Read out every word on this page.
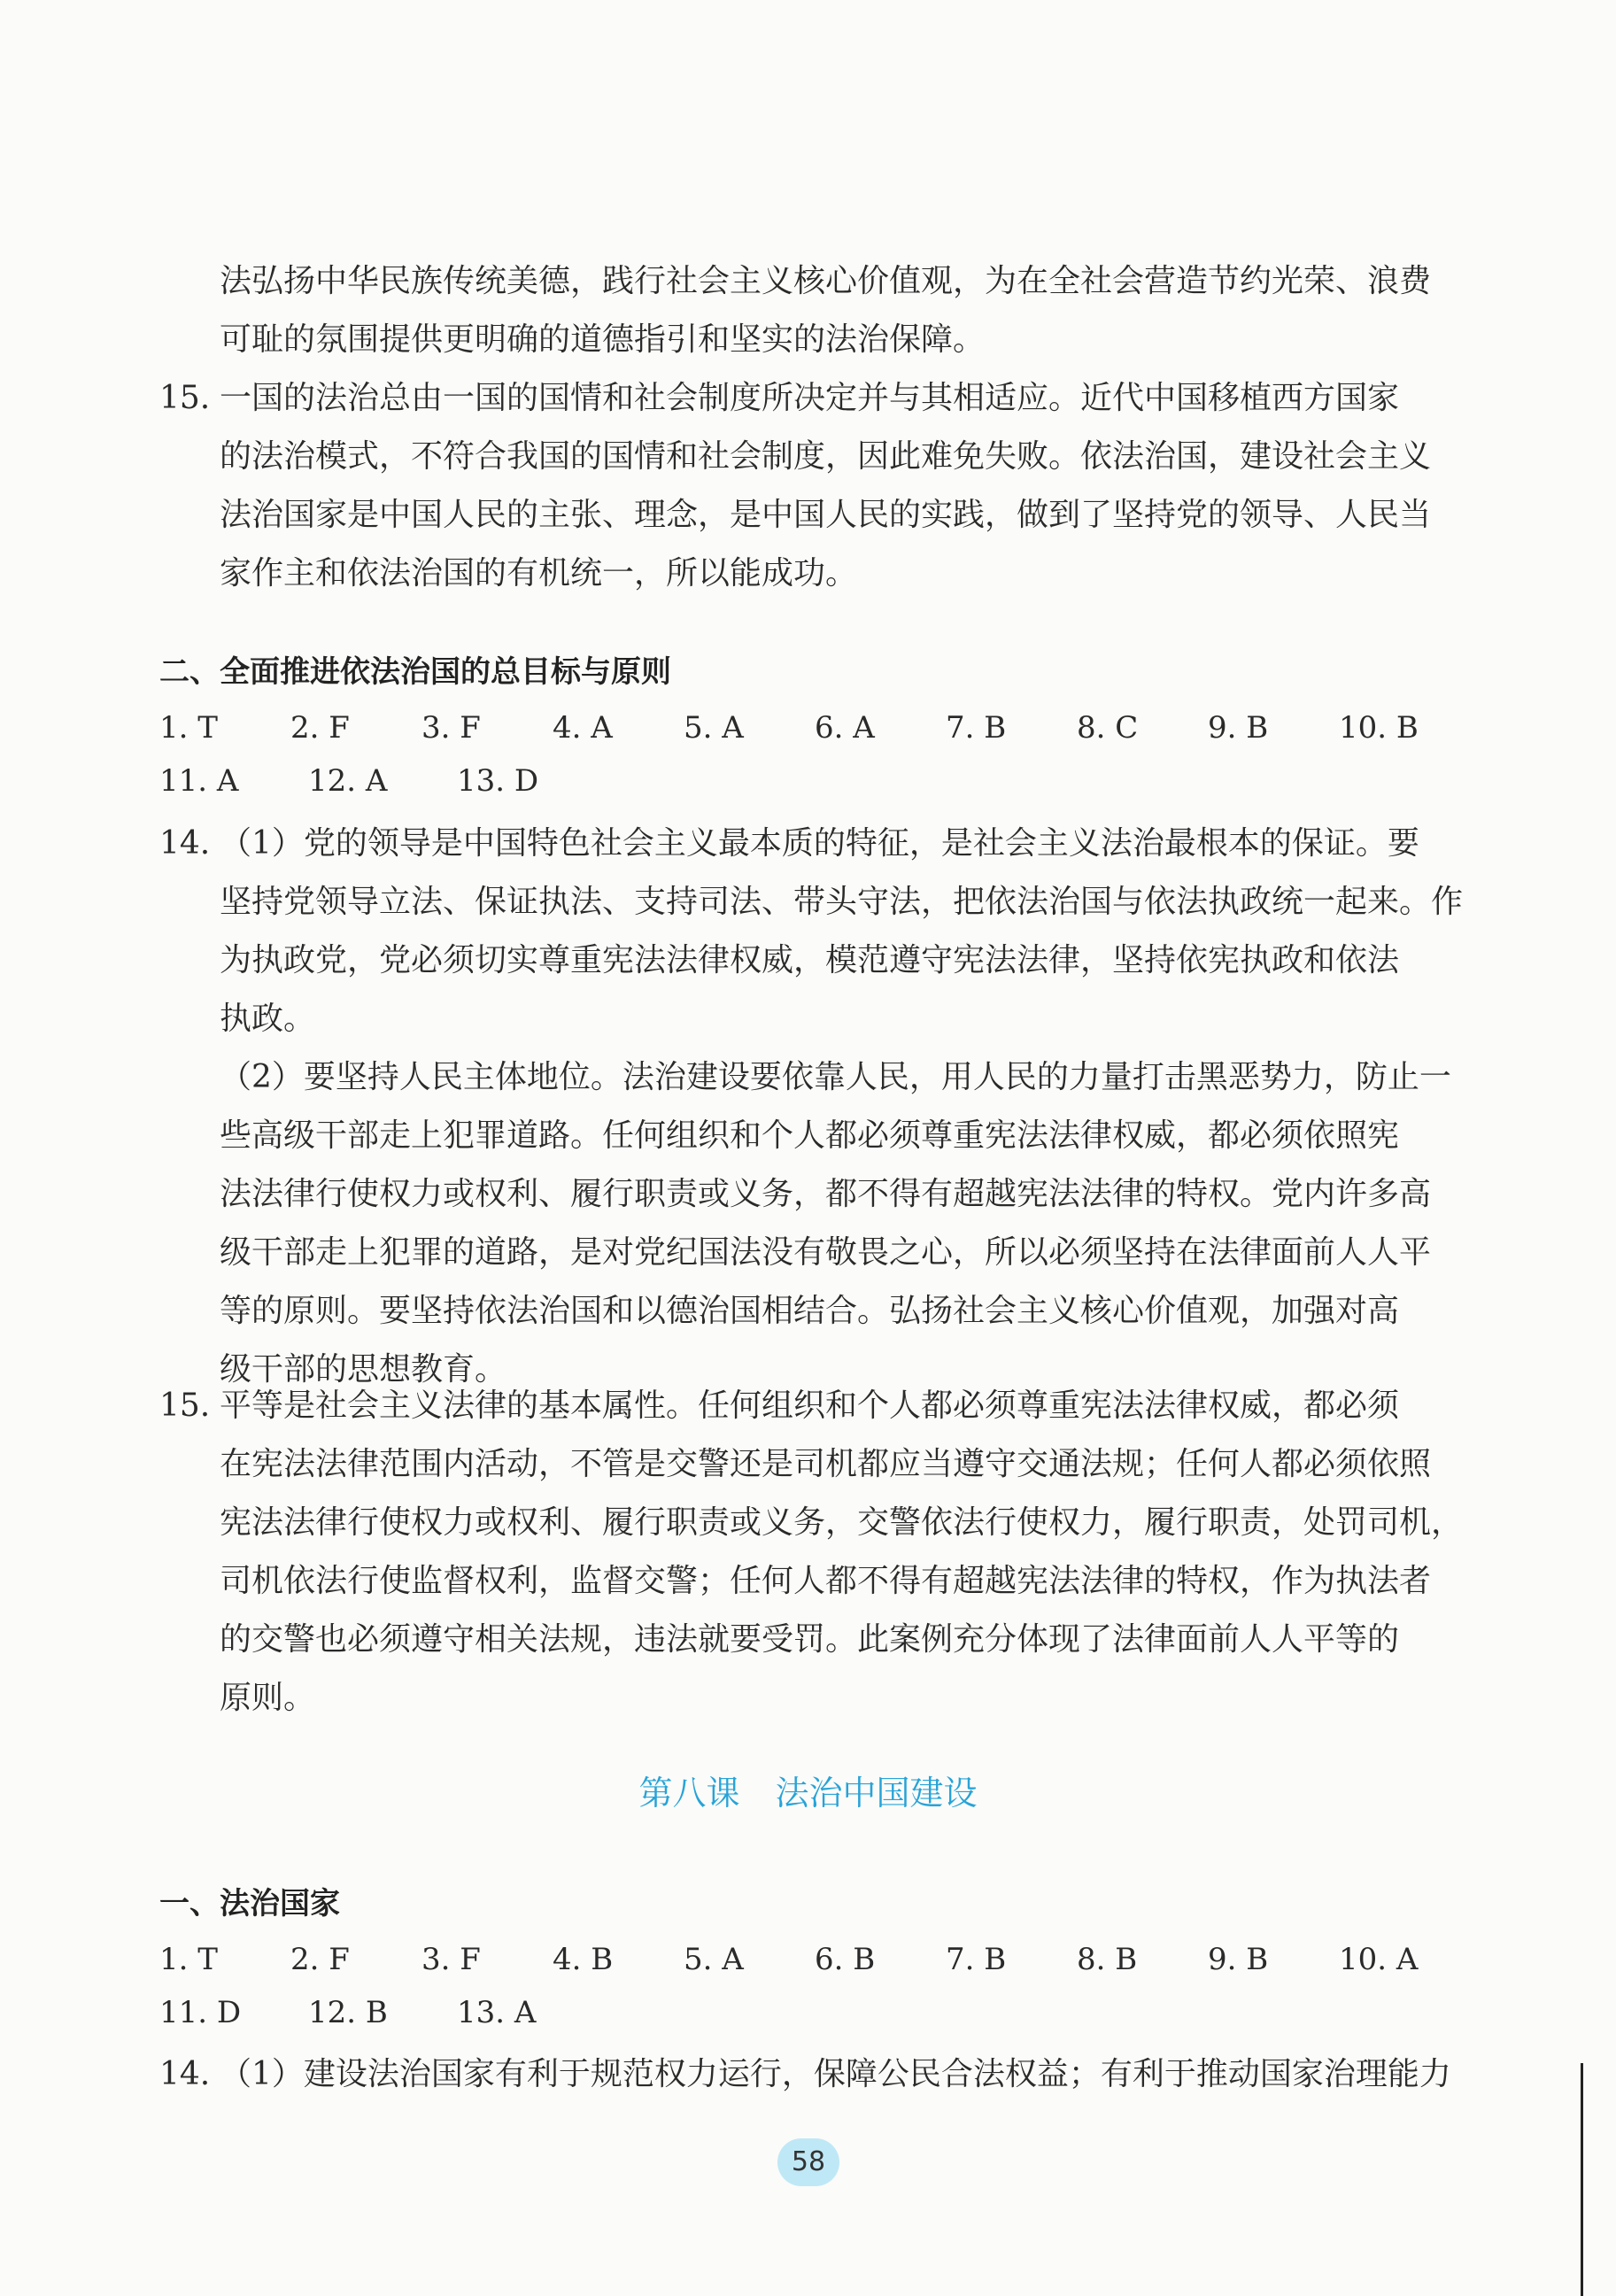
法弘扬中华民族传统美德，践行社会主义核心价值观，为在全社会营造节约光荣、浪费
可耻的氛围提供更明确的道德指引和坚实的法治保障。
15. 一国的法治总由一国的国情和社会制度所决定并与其相适应。近代中国移植西方国家
的法治模式，不符合我国的国情和社会制度，因此难免失败。依法治国，建设社会主义
法治国家是中国人民的主张、理念，是中国人民的实践，做到了坚持党的领导、人民当
家作主和依法治国的有机统一，所以能成功。
二、全面推进依法治国的总目标与原则
1. T 2. F 3. F 4. A 5. A 6. A 7. B 8. C 9. B 10. B
11. A 12. A 13. D
14. （1）党的领导是中国特色社会主义最本质的特征，是社会主义法治最根本的保证。要
坚持党领导立法、保证执法、支持司法、带头守法，把依法治国与依法执政统一起来。作
为执政党，党必须切实尊重宪法法律权威，模范遵守宪法法律，坚持依宪执政和依法
执政。
（2）要坚持人民主体地位。法治建设要依靠人民，用人民的力量打击黑恶势力，防止一
些高级干部走上犯罪道路。任何组织和个人都必须尊重宪法法律权威，都必须依照宪
法法律行使权力或权利、履行职责或义务，都不得有超越宪法法律的特权。党内许多高
级干部走上犯罪的道路，是对党纪国法没有敬畏之心，所以必须坚持在法律面前人人平
等的原则。要坚持依法治国和以德治国相结合。弘扬社会主义核心价值观，加强对高
级干部的思想教育。
15. 平等是社会主义法律的基本属性。任何组织和个人都必须尊重宪法法律权威，都必须
在宪法法律范围内活动，不管是交警还是司机都应当遵守交通法规；任何人都必须依照
宪法法律行使权力或权利、履行职责或义务，交警依法行使权力，履行职责，处罚司机，
司机依法行使监督权利，监督交警；任何人都不得有超越宪法法律的特权，作为执法者
的交警也必须遵守相关法规，违法就要受罚。此案例充分体现了法律面前人人平等的
原则。
第八课 法治中国建设
一、法治国家
1. T 2. F 3. F 4. B 5. A 6. B 7. B 8. B 9. B 10. A
11. D 12. B 13. A
14. （1）建设法治国家有利于规范权力运行，保障公民合法权益；有利于推动国家治理能力
58
